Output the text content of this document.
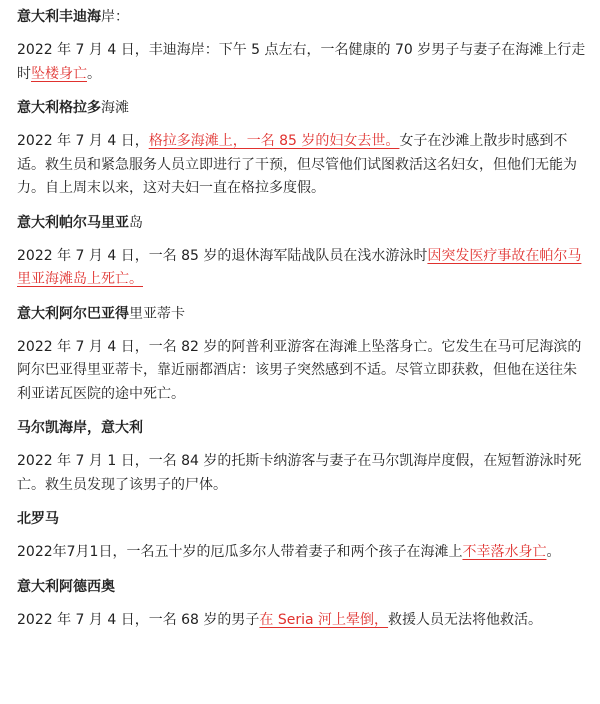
意大利丰迪海岸：
2022 年 7 月 4 日，丰迪海岸：下午 5 点左右，一名健康的 70 岁男子与妻子在海滩上行走时坠楼身亡。
意大利格拉多海滩
2022 年 7 月 4 日，格拉多海滩上，一名 85 岁的妇女去世。女子在沙滩上散步时感到不适。救生员和紧急服务人员立即进行了干预，但尽管他们试图救活这名妇女，但他们无能为力。自上周末以来，这对夫妇一直在格拉多度假。
意大利帕尔马里亚岛
2022 年 7 月 4 日，一名 85 岁的退休海军陆战队员在浅水游泳时因突发医疗事故在帕尔马里亚海滩岛上死亡。
意大利阿尔巴亚得里亚蒂卡
2022 年 7 月 4 日，一名 82 岁的阿普利亚游客在海滩上坠落身亡。它发生在马可尼海滨的阿尔巴亚得里亚蒂卡，靠近丽都酒店：该男子突然感到不适。尽管立即获救，但他在送往朱利亚诺瓦医院的途中死亡。
马尔凯海岸，意大利
2022 年 7 月 1 日，一名 84 岁的托斯卡纳游客与妻子在马尔凯海岸度假，在短暂游泳时死亡。救生员发现了该男子的尸体。
北罗马
2022年7月1日，一名五十岁的厄瓜多尔人带着妻子和两个孩子在海滩上不幸落水身亡。
意大利阿德西奥
2022 年 7 月 4 日，一名 68 岁的男子在 Seria 河上晕倒，救援人员无法将他救活。
